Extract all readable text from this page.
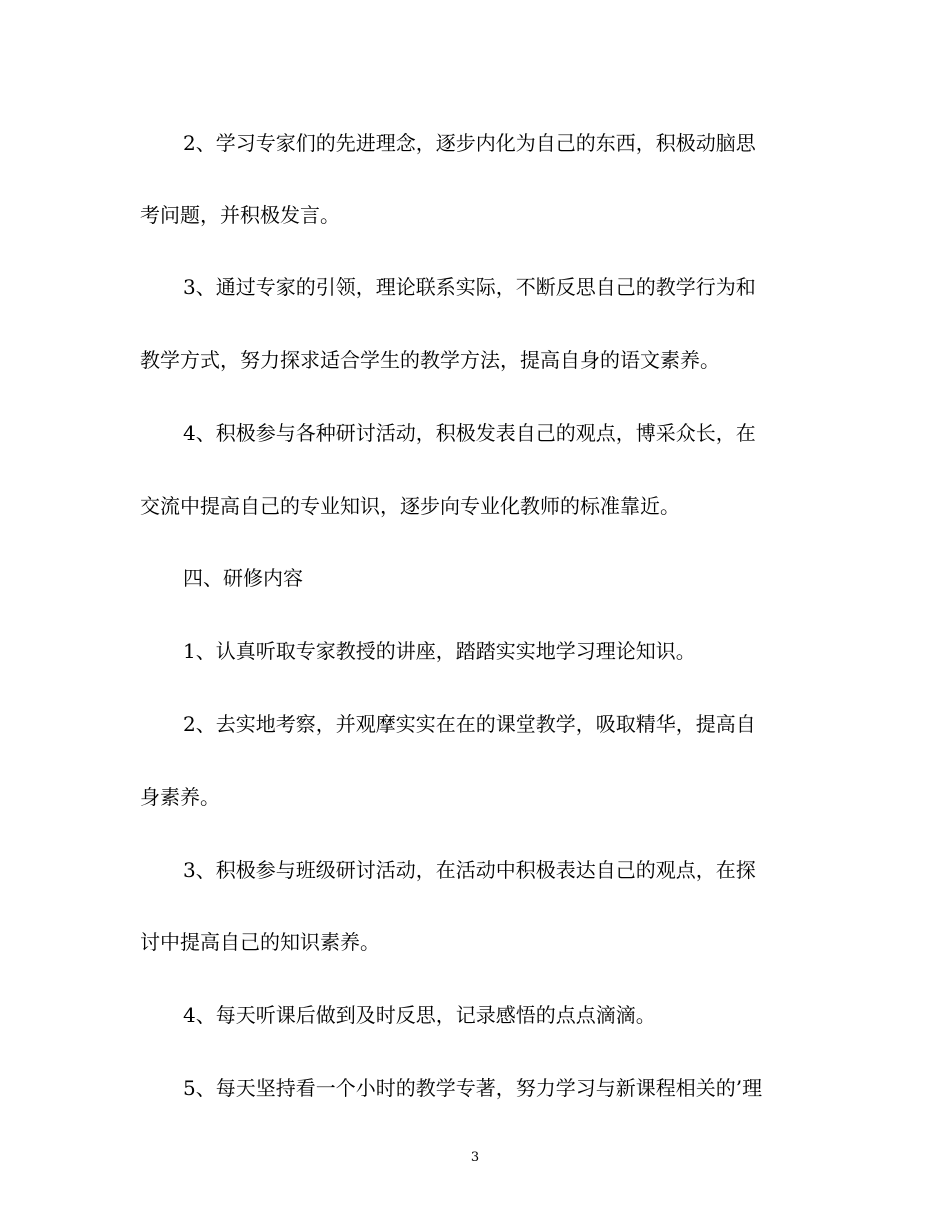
2、学习专家们的先进理念，逐步内化为自己的东西，积极动脑思
考问题，并积极发言。
3、通过专家的引领，理论联系实际，不断反思自己的教学行为和
教学方式，努力探求适合学生的教学方法，提高自身的语文素养。
4、积极参与各种研讨活动，积极发表自己的观点，博采众长，在
交流中提高自己的专业知识，逐步向专业化教师的标准靠近。
四、研修内容
1、认真听取专家教授的讲座，踏踏实实地学习理论知识。
2、去实地考察，并观摩实实在在的课堂教学，吸取精华，提高自
身素养。
3、积极参与班级研讨活动，在活动中积极表达自己的观点，在探
讨中提高自己的知识素养。
4、每天听课后做到及时反思，记录感悟的点点滴滴。
5、每天坚持看一个小时的教学专著，努力学习与新课程相关的’理
3
